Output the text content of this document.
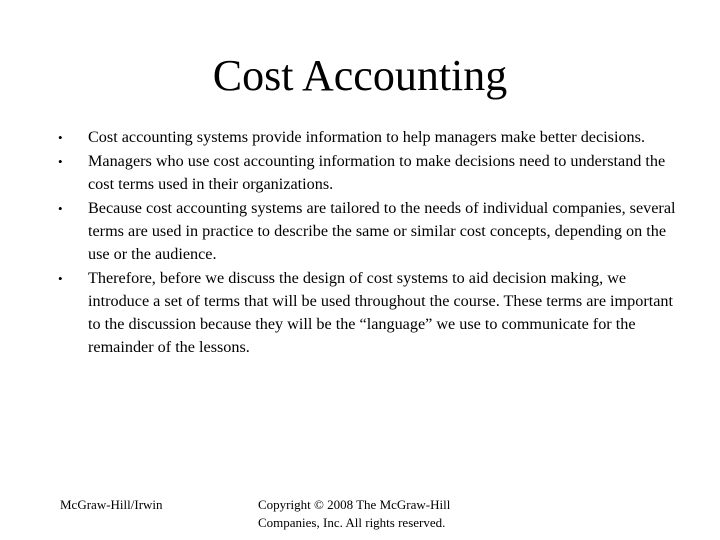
Cost Accounting
• Cost accounting systems provide information to help managers make better decisions.
• Managers who use cost accounting information to make decisions need to understand the cost terms used in their organizations.
• Because cost accounting systems are tailored to the needs of individual companies, several terms are used in practice to describe the same or similar cost concepts, depending on the use or the audience.
• Therefore, before we discuss the design of cost systems to aid decision making, we introduce a set of terms that will be used throughout the course. These terms are important to the discussion because they will be the “language” we use to communicate for the remainder of the lessons.
McGraw-Hill/Irwin	Copyright © 2008 The McGraw-Hill
Companies, Inc. All rights reserved.
